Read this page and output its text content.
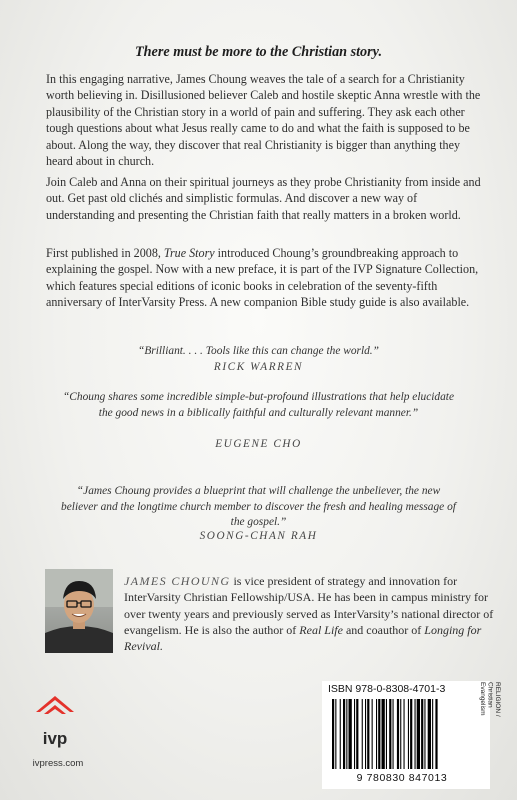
There must be more to the Christian story.

In this engaging narrative, James Choung weaves the tale of a search for a Christianity worth believing in. Disillusioned believer Caleb and hostile skeptic Anna wrestle with the plausibility of the Christian story in a world of pain and suffering. They ask each other tough questions about what Jesus really came to do and what the faith is supposed to be about. Along the way, they discover that real Christianity is bigger than anything they heard about in church.

Join Caleb and Anna on their spiritual journeys as they probe Christianity from inside and out. Get past old clichés and simplistic formulas. And discover a new way of understanding and presenting the Christian faith that really matters in a broken world.

First published in 2008, True Story introduced Choung’s groundbreaking approach to explaining the gospel. Now with a new preface, it is part of the IVP Signature Collection, which features special editions of iconic books in celebration of the seventy-fifth anniversary of InterVarsity Press. A new companion Bible study guide is also available.

“Brilliant. . . . Tools like this can change the world.”
RICK WARREN
“Choung shares some incredible simple-but-profound illustrations that help elucidate the good news in a biblically faithful and culturally relevant manner.”
EUGENE CHO
“James Choung provides a blueprint that will challenge the unbeliever, the new believer and the longtime church member to discover the fresh and healing message of the gospel.”
SOONG-CHAN RAH

JAMES CHOUNG is vice president of strategy and innovation for InterVarsity Christian Fellowship/USA. He has been in campus ministry for over twenty years and previously served as InterVarsity’s national director of evangelism. He is also the author of Real Life and coauthor of Longing for Revival.

ivp
ivpress.com
ISBN 978-0-8308-4701-3
9 780830 847013
RELIGION / Christian Evangelism
